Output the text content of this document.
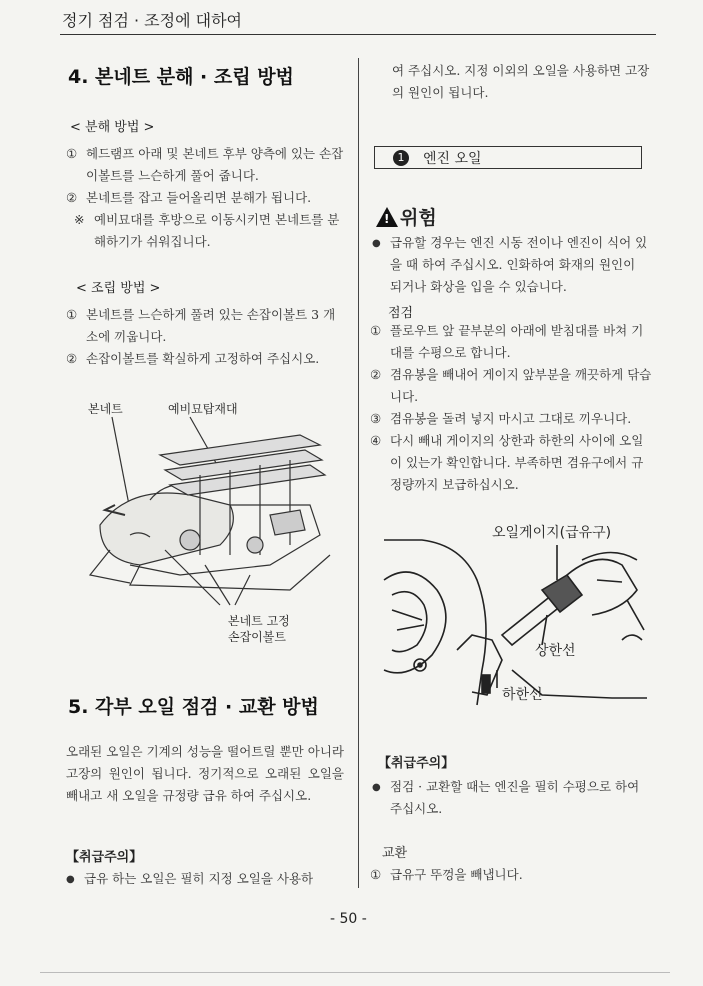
정기 점검 · 조정에 대하여
4. 본네트 분해 · 조립 방법
< 분해 방법 >
① 헤드램프 아래 및 본네트 후부 양측에 있는 손잡이볼트를 느슨하게 풀어 줍니다.
② 본네트를 잡고 들어올리면 분해가 됩니다.
※ 예비묘대를 후방으로 이동시키면 본네트를 분해하기가 쉬워집니다.
< 조립 방법 >
① 본네트를 느슨하게 풀려 있는 손잡이볼트 3 개소에 끼웁니다.
② 손잡이볼트를 확실하게 고정하여 주십시오.
본네트	예비묘탑재대
본네트 고정
손잡이볼트
5. 각부 오일 점검 · 교환 방법
오래된 오일은 기계의 성능을 떨어트릴 뿐만 아니라 고장의 원인이 됩니다. 정기적으로 오래된 오일을 빼내고 새 오일을 규정량 급유 하여 주십시오.
【취급주의】
● 급유 하는 오일은 필히 지정 오일을 사용하
여 주십시오. 지정 이외의 오일을 사용하면 고장의 원인이 됩니다.
1	엔진 오일
! 위험
● 급유할 경우는 엔진 시동 전이나 엔진이 식어 있을 때 하여 주십시오. 인화하여 화재의 원인이 되거나 화상을 입을 수 있습니다.
점검
① 플로우트 앞 끝부분의 아래에 받침대를 바쳐 기대를 수평으로 합니다.
② 겸유봉을 빼내어 게이지 앞부분을 깨끗하게 닦습니다.
③ 겸유봉을 돌려 넣지 마시고 그대로 끼우니다.
④ 다시 빼내 게이지의 상한과 하한의 사이에 오일이 있는가 확인합니다. 부족하면 겸유구에서 규정량까지 보급하십시오.
오일게이지(급유구)
상한선
하한선
【취급주의】
● 점검 · 교환할 때는 엔진을 필히 수평으로 하여 주십시오.
교환
① 급유구 뚜껑을 빼냅니다.
- 50 -
